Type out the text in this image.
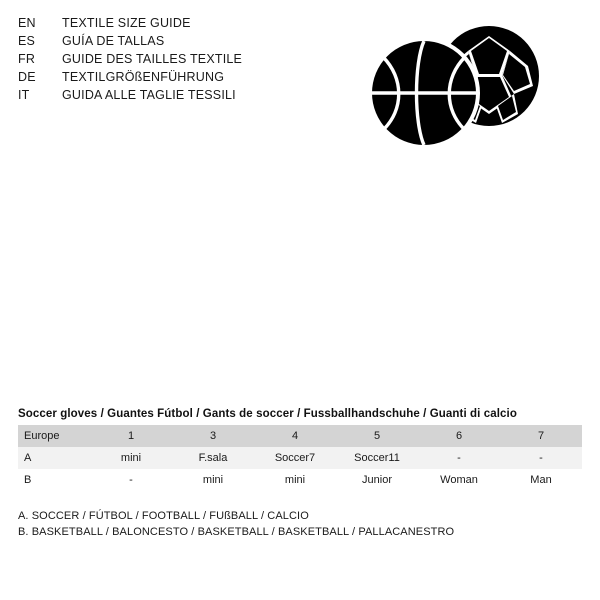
EN	TEXTILE SIZE GUIDE
ES	GUÍA DE TALLAS
FR	GUIDE DES TAILLES TEXTILE
DE	TEXTILGRÖßENFÜHRUNG
IT	GUIDA ALLE TAGLIE TESSILI
Soccer gloves / Guantes Fútbol / Gants de soccer / Fussballhandschuhe / Guanti di calcio
Europe	1	3	4	5	6	7
A	mini	F.sala	Soccer7	Soccer11	-	-
B	-	mini	mini	Junior	Woman	Man
A. SOCCER / FÚTBOL / FOOTBALL / FUßBALL / CALCIO
B. BASKETBALL / BALONCESTO / BASKETBALL / BASKETBALL / PALLACANESTRO
